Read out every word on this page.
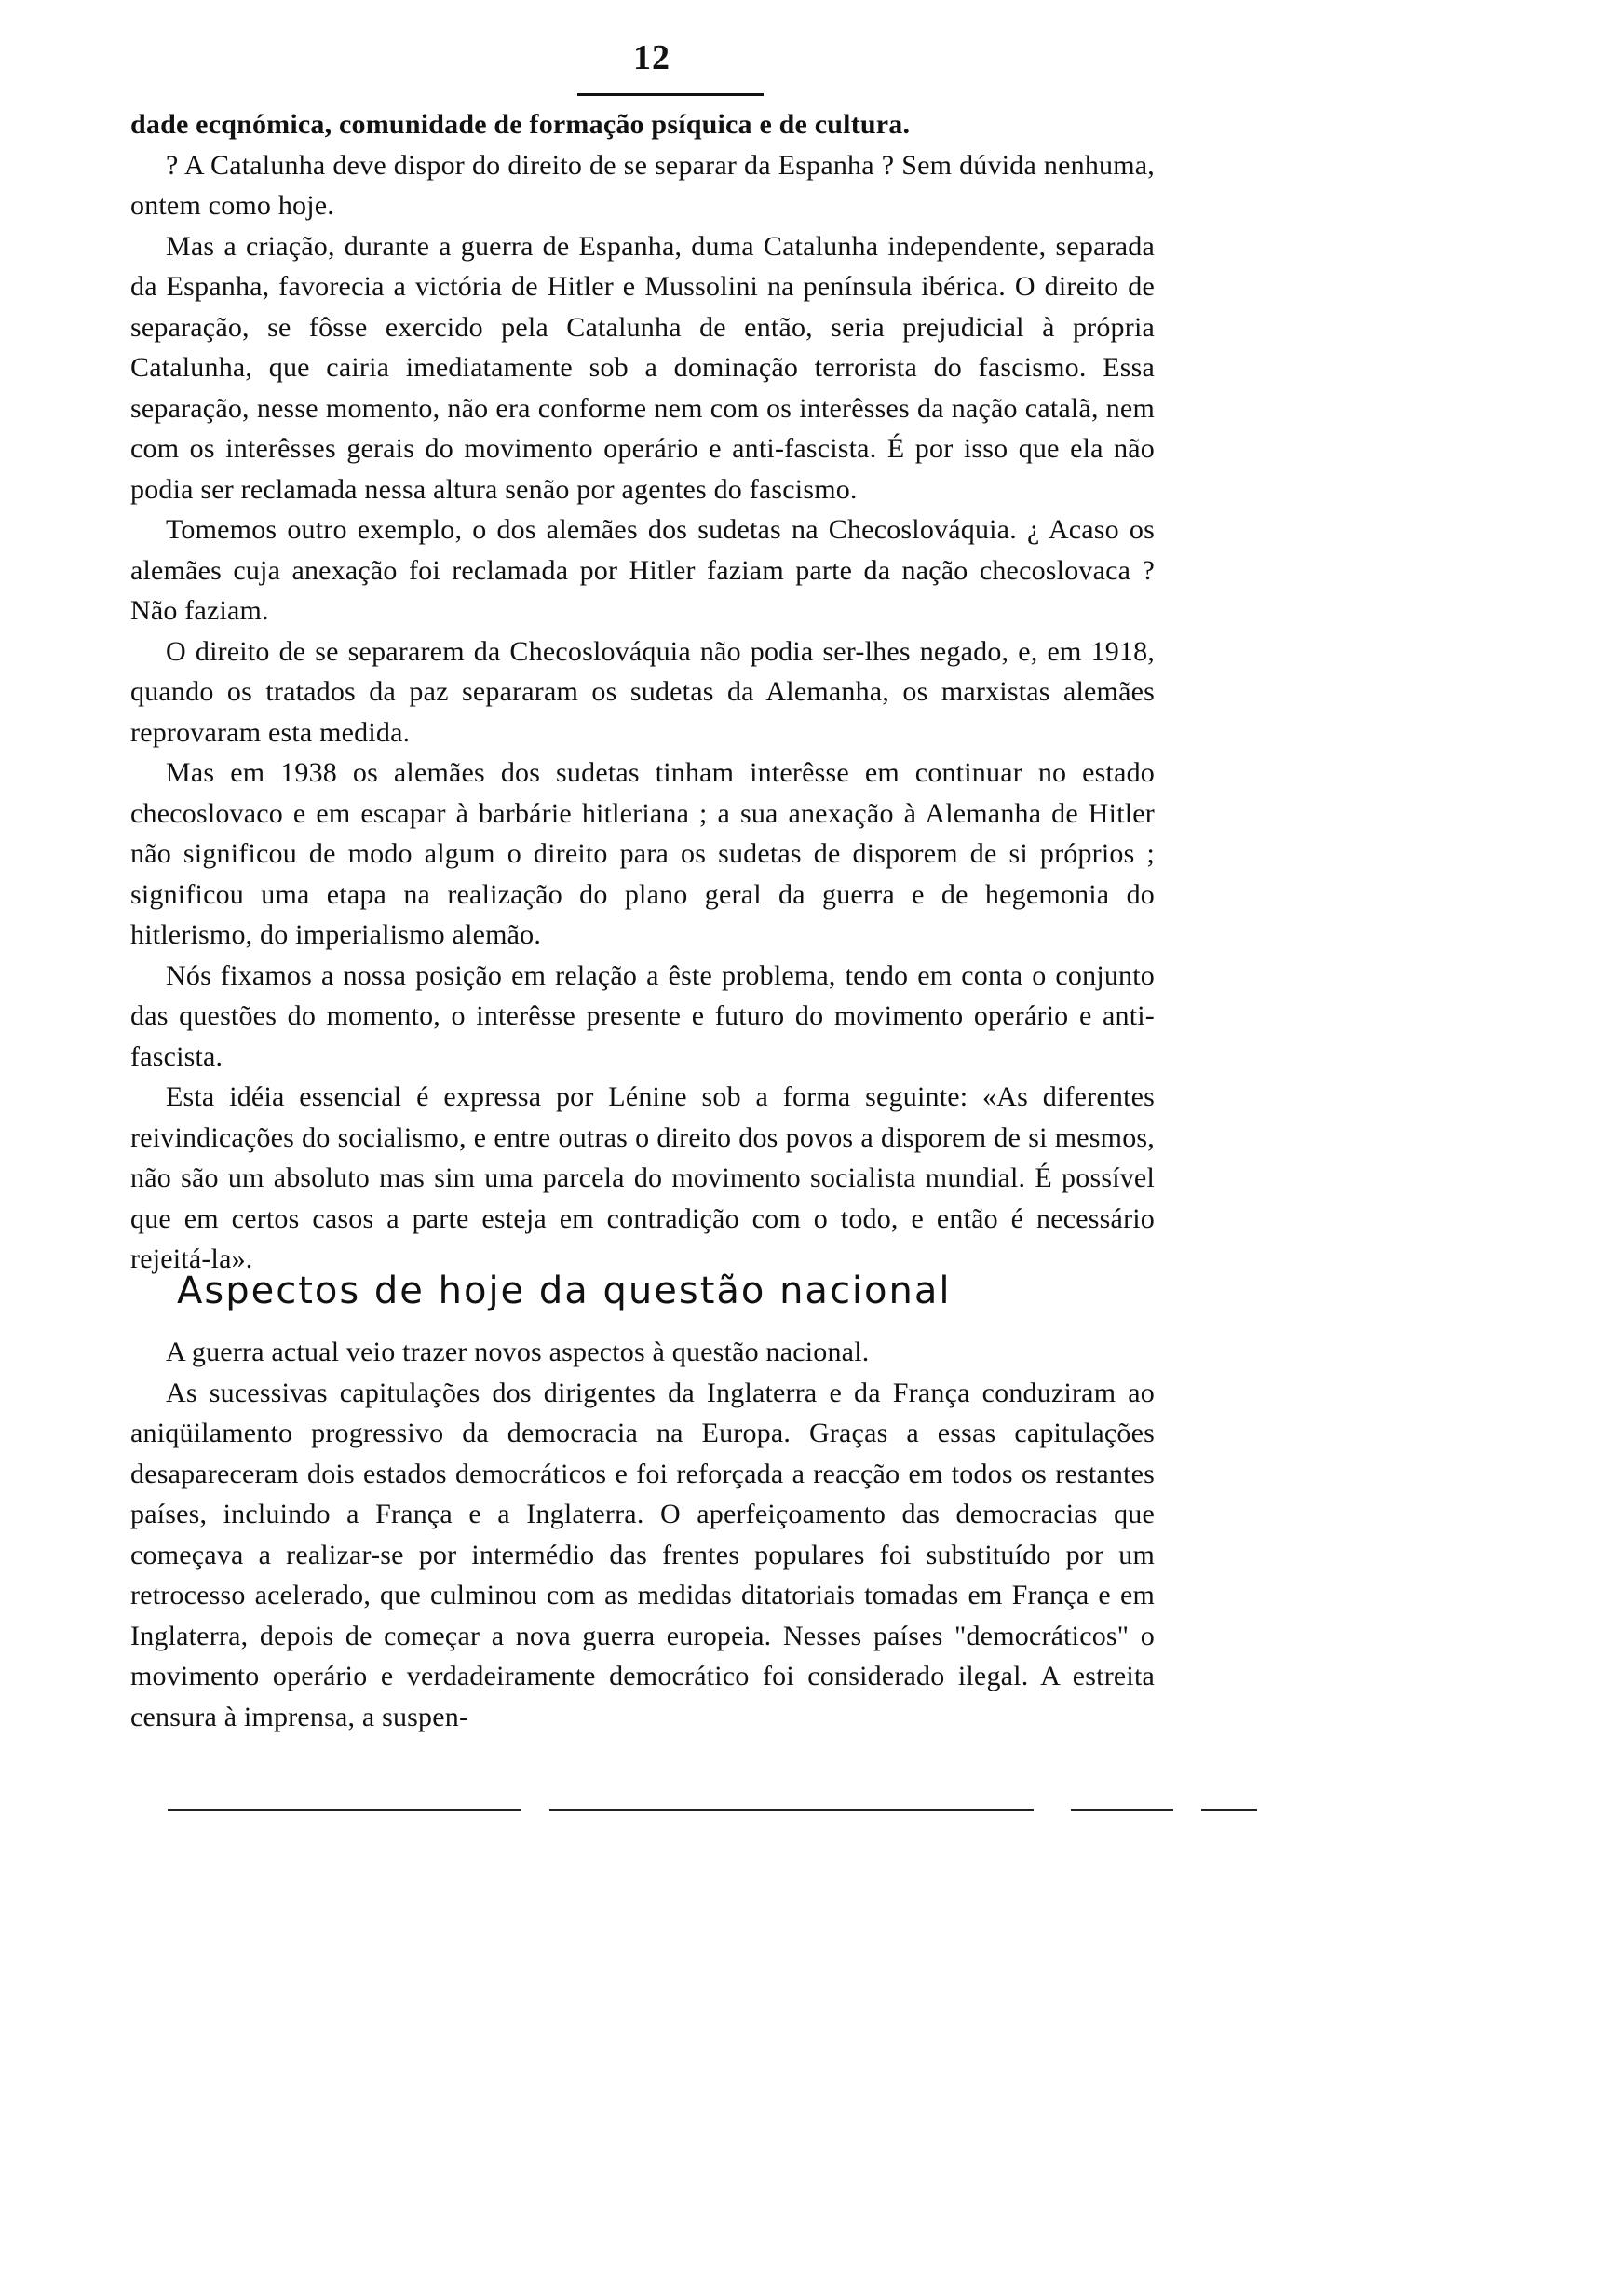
12

dade ecqnómica, comunidade de formação psíquica e de cultura.

? A Catalunha deve dispor do direito de se separar da Espanha ? Sem dúvida nenhuma, ontem como hoje.

Mas a criação, durante a guerra de Espanha, duma Catalunha independente, separada da Espanha, favorecia a victória de Hitler e Mussolini na península ibérica. O direito de separação, se fôsse exercido pela Catalunha de então, seria prejudicial à própria Catalunha, que cairia imediatamente sob a dominação terrorista do fascismo. Essa separação, nesse momento, não era conforme nem com os interêsses da nação catalã, nem com os interêsses gerais do movimento operário e anti-fascista. É por isso que ela não podia ser reclamada nessa altura senão por agentes do fascismo.

Tomemos outro exemplo, o dos alemães dos sudetas na Checoslováquia. ¿ Acaso os alemães cuja anexação foi reclamada por Hitler faziam parte da nação checoslovaca ? Não faziam.

O direito de se separarem da Checoslováquia não podia ser-lhes negado, e, em 1918, quando os tratados da paz separaram os sudetas da Alemanha, os marxistas alemães reprovaram esta medida.

Mas em 1938 os alemães dos sudetas tinham interêsse em continuar no estado checoslovaco e em escapar à barbárie hitleriana ; a sua anexação à Alemanha de Hitler não significou de modo algum o direito para os sudetas de disporem de si próprios ; significou uma etapa na realização do plano geral da guerra e de hegemonia do hitlerismo, do imperialismo alemão.

Nós fixamos a nossa posição em relação a êste problema, tendo em conta o conjunto das questões do momento, o interêsse presente e futuro do movimento operário e anti-fascista.

Esta idéia essencial é expressa por Lénine sob a forma seguinte: «As diferentes reivindicações do socialismo, e entre outras o direito dos povos a disporem de si mesmos, não são um absoluto mas sim uma parcela do movimento socialista mundial. É possível que em certos casos a parte esteja em contradição com o todo, e então é necessário rejeitá-la».

Aspectos de hoje da questão nacional

A guerra actual veio trazer novos aspectos à questão nacional.

As sucessivas capitulações dos dirigentes da Inglaterra e da França conduziram ao aniqüilamento progressivo da democracia na Europa. Graças a essas capitulações desapareceram dois estados democráticos e foi reforçada a reacção em todos os restantes países, incluindo a França e a Inglaterra. O aperfeiçoamento das democracias que começava a realizar-se por intermédio das frentes populares foi substituído por um retrocesso acelerado, que culminou com as medidas ditatoriais tomadas em França e em Inglaterra, depois de começar a nova guerra europeia. Nesses países "democráticos" o movimento operário e verdadeiramente democrático foi considerado ilegal. A estreita censura à imprensa, a suspen-
